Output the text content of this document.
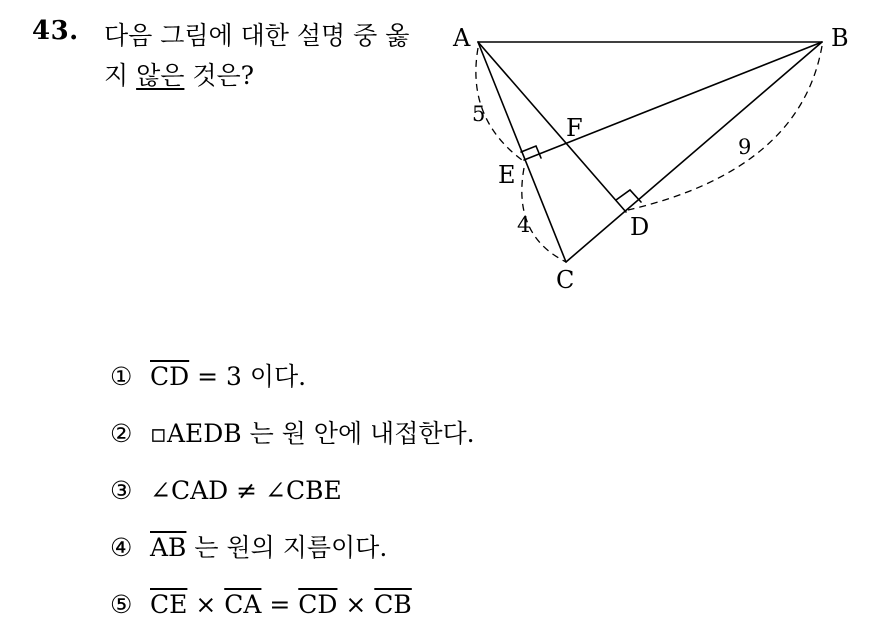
43. 다음 그림에 대한 설명 중 옳
지 않은 것은?
A	B
C
D
E
F
5
4
9
① $\overline{CD} = 3$ 이다.
② ▫AEDB 는 원 안에 내접한다.
③ ∠CAD ≠ ∠CBE
④ $\overline{AB}$ 는 원의 지름이다.
⑤ $\overline{CE} \times \overline{CA} = \overline{CD} \times \overline{CB}$
